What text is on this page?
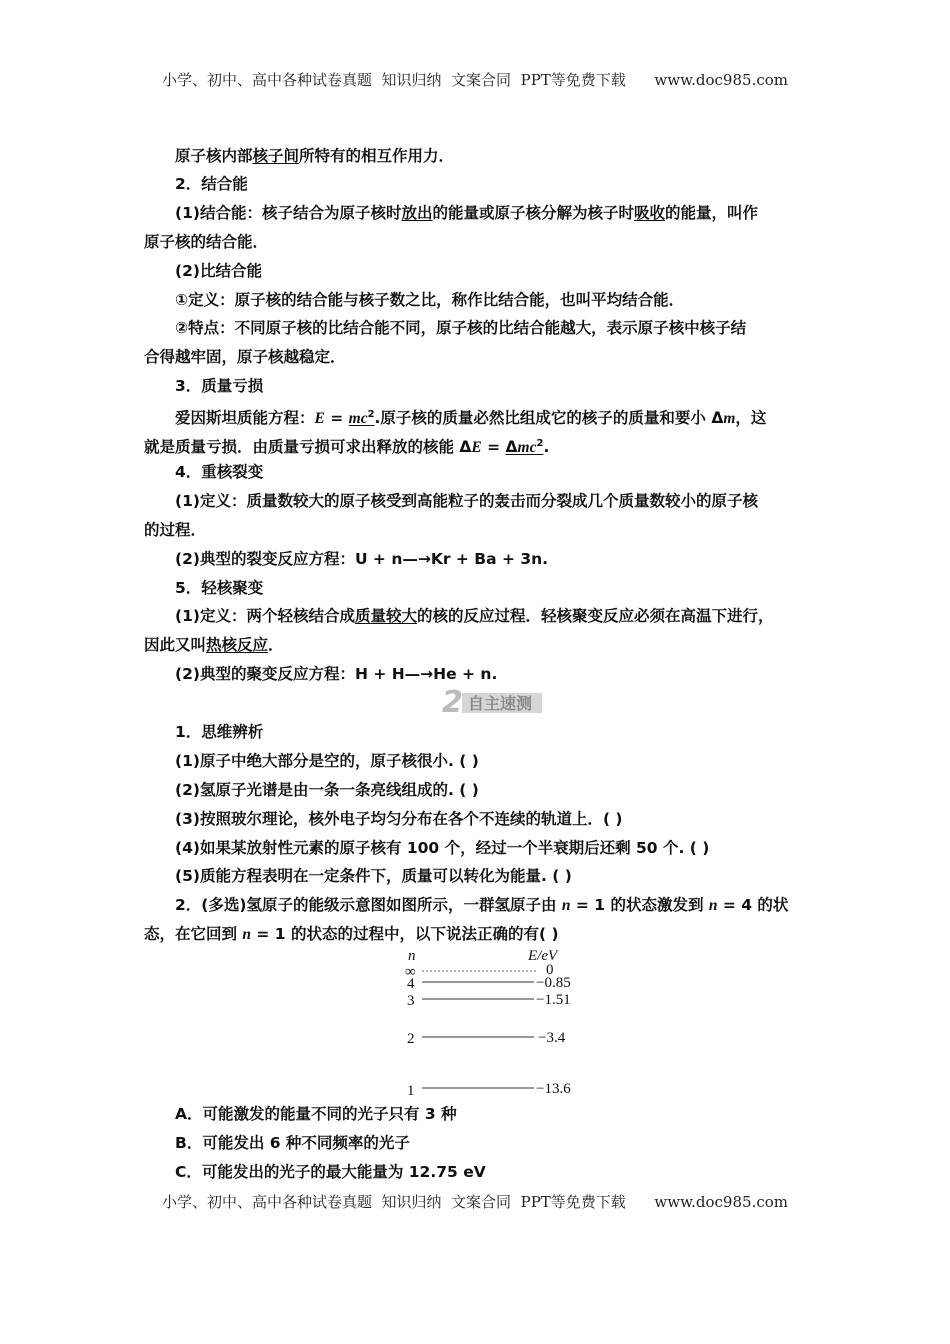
小学、初中、高中各种试卷真题  知识归纳  文案合同  PPT等免费下载      www.doc985.com
原子核内部核子间所特有的相互作用力．
2．结合能
(1)结合能：核子结合为原子核时放出的能量或原子核分解为核子时吸收的能量，叫作
原子核的结合能．
(2)比结合能
①定义：原子核的结合能与核子数之比，称作比结合能，也叫平均结合能．
②特点：不同原子核的比结合能不同，原子核的比结合能越大，表示原子核中核子结
合得越牢固，原子核越稳定．
3．质量亏损
爱因斯坦质能方程：$E = mc^2$.原子核的质量必然比组成它的核子的质量和要小 Δm，这
就是质量亏损．由质量亏损可求出释放的核能 ΔE = Δmc$^2$.
4．重核裂变
(1)定义：质量数较大的原子核受到高能粒子的轰击而分裂成几个质量数较小的原子核
的过程．
(2)典型的裂变反应方程：U + n—→Kr + Ba + 3n.
5．轻核聚变
(1)定义：两个轻核结合成质量较大的核的反应过程．轻核聚变反应必须在高温下进行，
因此又叫热核反应．
(2)典型的聚变反应方程：H + H—→He + n.
2 自主速测
1．思维辨析
(1)原子中绝大部分是空的，原子核很小. ( )
(2)氢原子光谱是由一条一条亮线组成的. ( )
(3)按照玻尔理论，核外电子均匀分布在各个不连续的轨道上．( )
(4)如果某放射性元素的原子核有 100 个，经过一个半衰期后还剩 50 个. ( )
(5)质能方程表明在一定条件下，质量可以转化为能量. ( )
2．(多选)氢原子的能级示意图如图所示，一群氢原子由 n = 1 的状态激发到 n = 4 的状
态，在它回到 n = 1 的状态的过程中，以下说法正确的有( )
n	E/eV
∞	0
4	−0.85
3	−1.51
2	−3.4
1	−13.6
A．可能激发的能量不同的光子只有 3 种
B．可能发出 6 种不同频率的光子
C．可能发出的光子的最大能量为 12.75 eV
小学、初中、高中各种试卷真题  知识归纳  文案合同  PPT等免费下载      www.doc985.com
